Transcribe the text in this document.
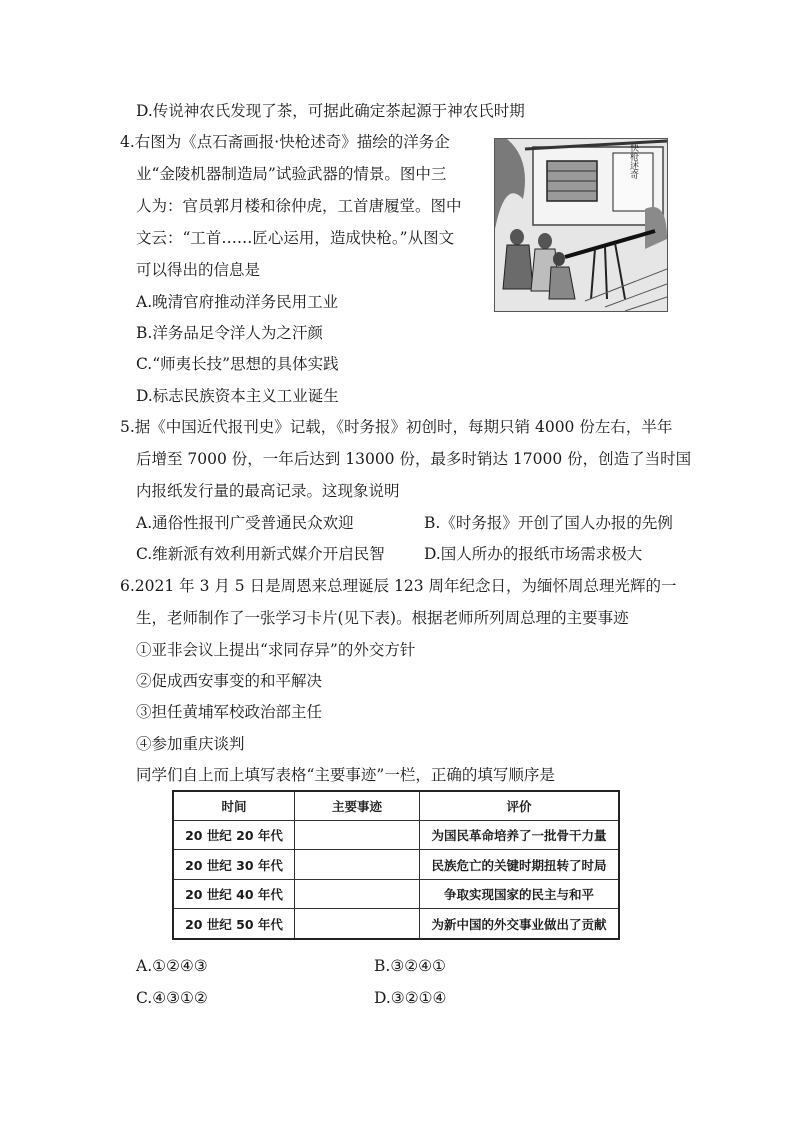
D.传说神农氏发现了茶，可据此确定茶起源于神农氏时期
4.右图为《点石斋画报·快枪述奇》描绘的洋务企
业“金陵机器制造局”试验武器的情景。图中三
人为：官员郭月楼和徐仲虎，工首唐履堂。图中
文云：“工首……匠心运用，造成快枪。”从图文
可以得出的信息是
A.晚清官府推动洋务民用工业
B.洋务品足令洋人为之汗颜
C.“师夷长技”思想的具体实践
D.标志民族资本主义工业诞生
快枪述奇
5.据《中国近代报刊史》记载，《时务报》初创时，每期只销 4000 份左右，半年
后增至 7000 份，一年后达到 13000 份，最多时销达 17000 份，创造了当时国
内报纸发行量的最高记录。这现象说明
A.通俗性报刊广受普通民众欢迎	B.《时务报》开创了国人办报的先例
C.维新派有效利用新式媒介开启民智	D.国人所办的报纸市场需求极大
6.2021 年 3 月 5 日是周恩来总理诞辰 123 周年纪念日，为缅怀周总理光辉的一
生，老师制作了一张学习卡片(见下表)。根据老师所列周总理的主要事迹
①亚非会议上提出“求同存异”的外交方针
②促成西安事变的和平解决
③担任黄埔军校政治部主任
④参加重庆谈判
同学们自上而上填写表格“主要事迹”一栏，正确的填写顺序是
时间	主要事迹	评价
20 世纪 20 年代		为国民革命培养了一批骨干力量
20 世纪 30 年代		民族危亡的关键时期扭转了时局
20 世纪 40 年代		争取实现国家的民主与和平
20 世纪 50 年代		为新中国的外交事业做出了贡献
A.①②④③	B.③②④①
C.④③①②	D.③②①④
